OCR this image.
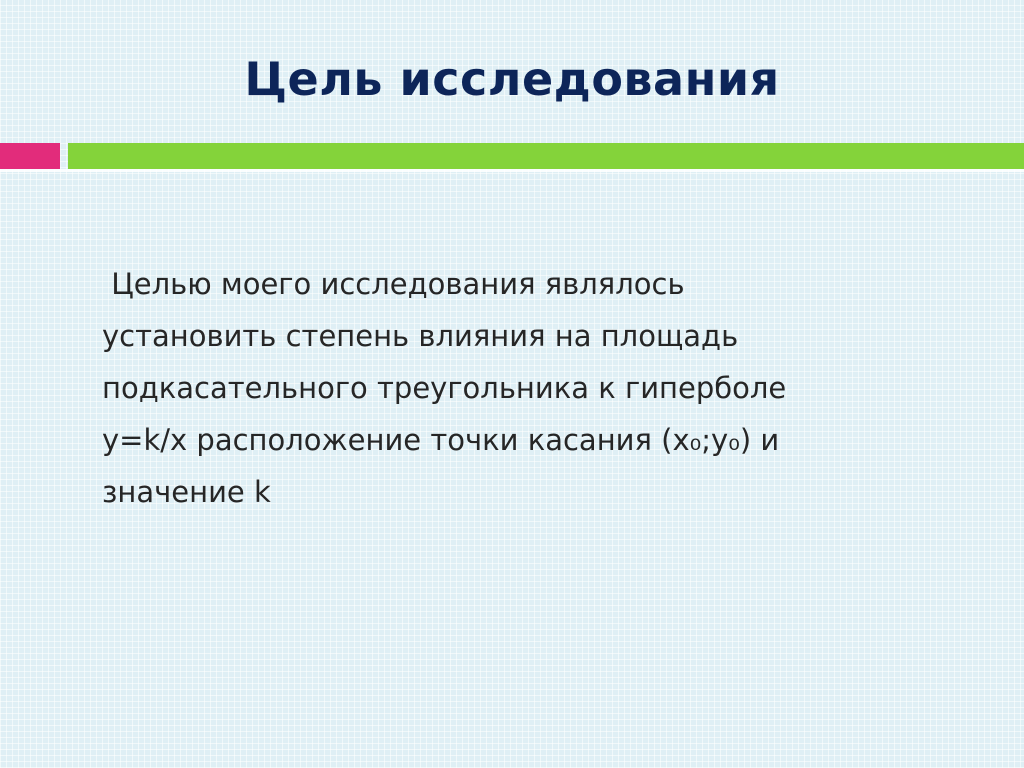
Цель исследования
Целью моего исследования являлось
установить степень влияния на площадь
подкасательного треугольника к гиперболе
y=k/x расположение точки касания (x₀;y₀) и
значение k
